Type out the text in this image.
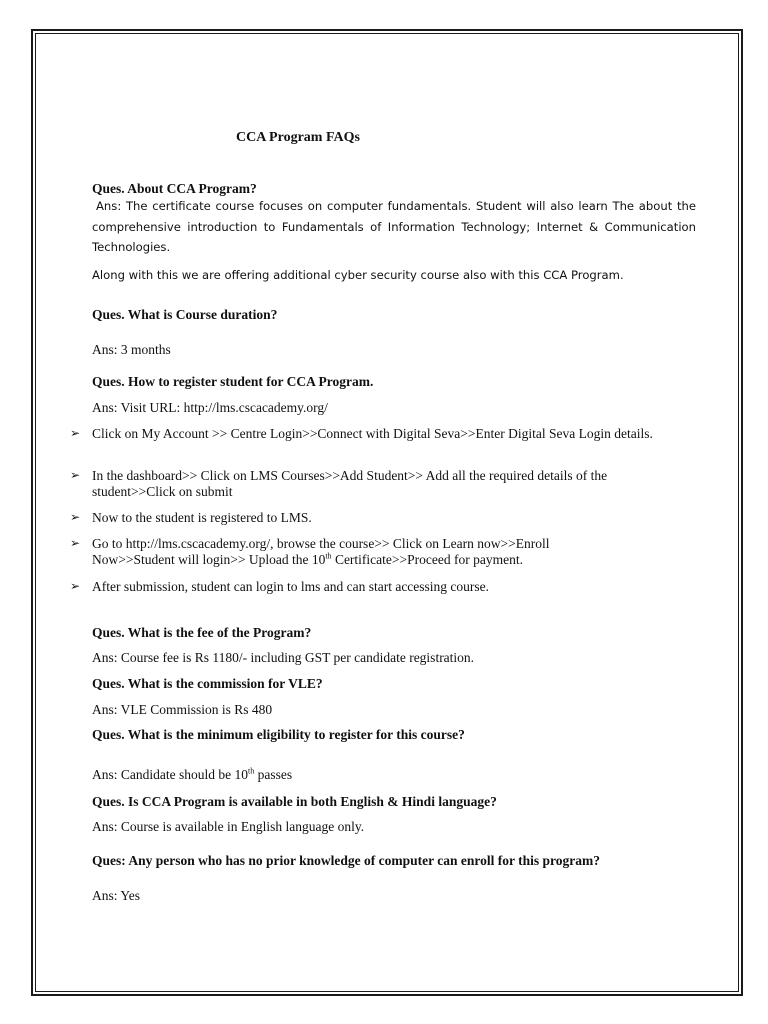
CCA Program FAQs
Ques. About CCA Program?
Ans: The certificate course focuses on computer fundamentals. Student will also learn The about the comprehensive introduction to Fundamentals of Information Technology; Internet & Communication Technologies.
Along with this we are offering additional cyber security course also with this CCA Program.
Ques. What is Course duration?
Ans: 3 months
Ques. How to register student for CCA Program.
Ans: Visit URL: http://lms.cscacademy.org/
➢ Click on My Account >> Centre Login>>Connect with Digital Seva>>Enter Digital Seva Login details.
➢ In the dashboard>> Click on LMS Courses>>Add Student>> Add all the required details of the student>>Click on submit
➢ Now to the student is registered to LMS.
➢ Go to http://lms.cscacademy.org/, browse the course>> Click on Learn now>>Enroll Now>>Student will login>> Upload the 10th Certificate>>Proceed for payment.
➢ After submission, student can login to lms and can start accessing course.
Ques. What is the fee of the Program?
Ans: Course fee is Rs 1180/- including GST per candidate registration.
Ques. What is the commission for VLE?
Ans: VLE Commission is Rs 480
Ques. What is the minimum eligibility to register for this course?
Ans: Candidate should be 10th passes
Ques. Is CCA Program is available in both English & Hindi language?
Ans: Course is available in English language only.
Ques: Any person who has no prior knowledge of computer can enroll for this program?
Ans: Yes
